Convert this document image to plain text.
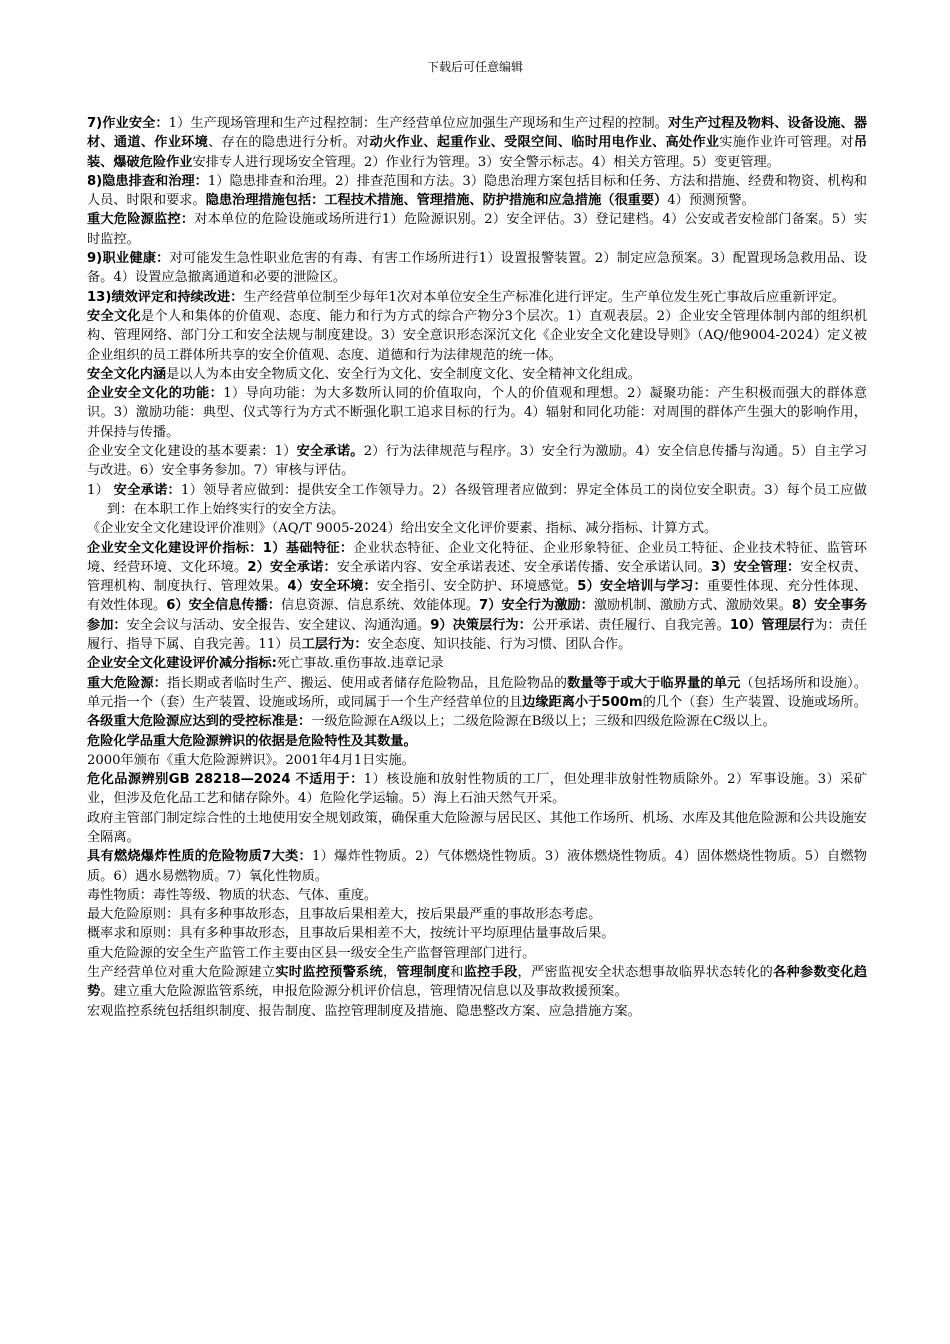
下载后可任意编辑

7)作业安全：1）生产现场管理和生产过程控制：生产经营单位应加强生产现场和生产过程的控制。对生产过程及物料、设备设施、器材、通道、作业环境、存在的隐患进行分析。对动火作业、起重作业、受限空间、临时用电作业、高处作业实施作业许可管理。对吊装、爆破危险作业安排专人进行现场安全管理。2）作业行为管理。3）安全警示标志。4）相关方管理。5）变更管理。

8)隐患排查和治理：1）隐患排查和治理。2）排查范围和方法。3）隐患治理方案包括目标和任务、方法和措施、经费和物资、机构和人员、时限和要求。隐患治理措施包括：工程技术措施、管理措施、防护措施和应急措施（很重要）4）预测预警。

重大危险源监控：对本单位的危险设施或场所进行1）危险源识别。2）安全评估。3）登记建档。4）公安或者安检部门备案。5）实时监控。

9)职业健康：对可能发生急性职业危害的有毒、有害工作场所进行1）设置报警装置。2）制定应急预案。3）配置现场急救用品、设备。4）设置应急撤离通道和必要的泄险区。

13)绩效评定和持续改进：生产经营单位制至少每年1次对本单位安全生产标准化进行评定。生产单位发生死亡事故后应重新评定。

安全文化是个人和集体的价值观、态度、能力和行为方式的综合产物分3个层次。1）直观表层。2）企业安全管理体制内部的组织机构、管理网络、部门分工和安全法规与制度建设。3）安全意识形态深沉文化《企业安全文化建设导则》（AQ/他9004-2024）定义被企业组织的员工群体所共享的安全价值观、态度、道德和行为法律规范的统一体。

安全文化内涵是以人为本由安全物质文化、安全行为文化、安全制度文化、安全精神文化组成。

企业安全文化的功能：1）导向功能：为大多数所认同的价值取向，个人的价值观和理想。2）凝聚功能：产生积极而强大的群体意识。3）激励功能：典型、仪式等行为方式不断强化职工追求目标的行为。4）辐射和同化功能：对周围的群体产生强大的影响作用，并保持与传播。

企业安全文化建设的基本要素：1）安全承诺。2）行为法律规范与程序。3）安全行为激励。4）安全信息传播与沟通。5）自主学习与改进。6）安全事务参加。7）审核与评估。

1） 安全承诺：1）领导者应做到：提供安全工作领导力。2）各级管理者应做到：界定全体员工的岗位安全职责。3）每个员工应做到：在本职工作上始终实行的安全方法。

《企业安全文化建设评价准则》（AQ/T 9005-2024）给出安全文化评价要素、指标、减分指标、计算方式。

企业安全文化建设评价指标：1）基础特征：企业状态特征、企业文化特征、企业形象特征、企业员工特征、企业技术特征、监管环境、经营环境、文化环境。2）安全承诺：安全承诺内容、安全承诺表述、安全承诺传播、安全承诺认同。3）安全管理：安全权责、管理机构、制度执行、管理效果。4）安全环境：安全指引、安全防护、环境感觉。5）安全培训与学习：重要性体现、充分性体现、有效性体现。6）安全信息传播：信息资源、信息系统、效能体现。7）安全行为激励：激励机制、激励方式、激励效果。8）安全事务参加：安全会议与活动、安全报告、安全建议、沟通沟通。9）决策层行为：公开承诺、责任履行、自我完善。10）管理层行为：责任履行、指导下属、自我完善。11）员工层行为：安全态度、知识技能、行为习惯、团队合作。

企业安全文化建设评价减分指标:死亡事故.重伤事故.违章记录

重大危险源：指长期或者临时生产、搬运、使用或者储存危险物品，且危险物品的数量等于或大于临界量的单元（包括场所和设施）。单元指一个（套）生产装置、设施或场所，或同属于一个生产经营单位的且边缘距离小于500m的几个（套）生产装置、设施或场所。

各级重大危险源应达到的受控标准是：一级危险源在A级以上；二级危险源在B级以上；三级和四级危险源在C级以上。

危险化学品重大危险源辨识的依据是危险特性及其数量。

2000年颁布《重大危险源辨识》。2001年4月1日实施。

危化品源辨别GB 28218—2024 不适用于：1）核设施和放射性物质的工厂，但处理非放射性物质除外。2）军事设施。3）采矿业，但涉及危化品工艺和储存除外。4）危险化学运输。5）海上石油天然气开采。

政府主管部门制定综合性的土地使用安全规划政策，确保重大危险源与居民区、其他工作场所、机场、水库及其他危险源和公共设施安全隔离。

具有燃烧爆炸性质的危险物质7大类：1）爆炸性物质。2）气体燃烧性物质。3）液体燃烧性物质。4）固体燃烧性物质。5）自燃物质。6）遇水易燃物质。7）氧化性物质。

毒性物质：毒性等级、物质的状态、气体、重度。

最大危险原则：具有多种事故形态，且事故后果相差大，按后果最严重的事故形态考虑。

概率求和原则：具有多种事故形态，且事故后果相差不大，按统计平均原理估量事故后果。

重大危险源的安全生产监管工作主要由区县一级安全生产监督管理部门进行。

生产经营单位对重大危险源建立实时监控预警系统，管理制度和监控手段，严密监视安全状态想事故临界状态转化的各种参数变化趋势。建立重大危险源监管系统，申报危险源分机评价信息，管理情况信息以及事故救援预案。

宏观监控系统包括组织制度、报告制度、监控管理制度及措施、隐患整改方案、应急措施方案。
